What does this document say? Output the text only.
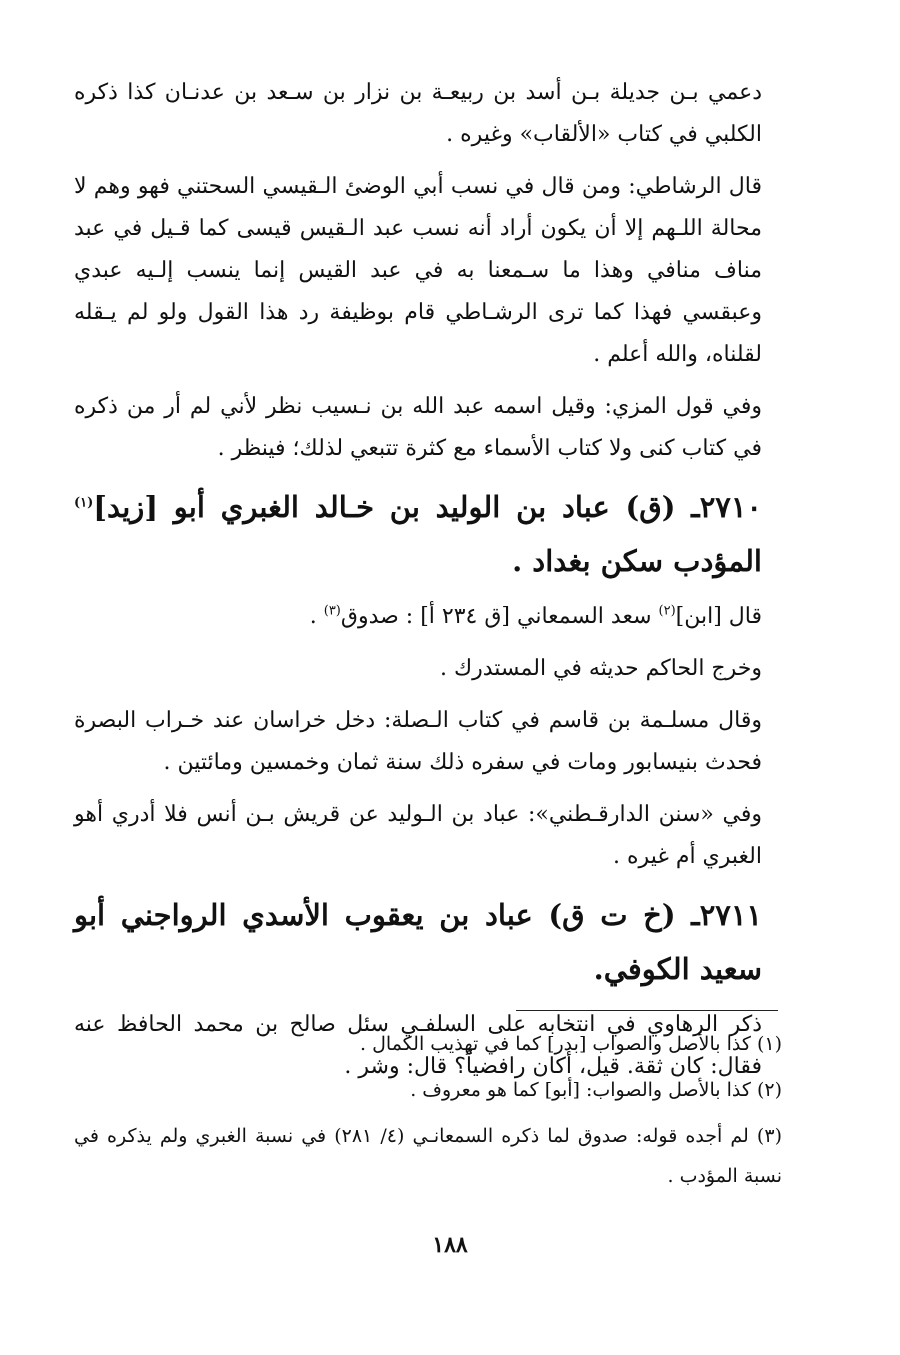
دعمي بـن جديلة بـن أسد بن ربيعـة بن نزار بن سـعد بن عدنـان كذا ذكره الكلبي في كتاب «الألقاب» وغيره .

قال الرشاطي: ومن قال في نسب أبي الوضئ الـقيسي السحتني فهو وهم لا محالة اللـهم إلا أن يكون أراد أنه نسب عبد الـقيس قيسى كما قـيل في عبد مناف منافي وهذا ما سـمعنا به في عبد القيس إنما ينسب إلـيه عبدي وعبقسي فهذا كما ترى الرشـاطي قام بوظيفة رد هذا القول ولو لم يـقله لقلناه، والله أعلم .

وفي قول المزي: وقيل اسمه عبد الله بن نـسيب نظر لأني لم أر من ذكره في كتاب كنى ولا كتاب الأسماء مع كثرة تتبعي لذلك؛ فينظر .

٢٧١٠ـ (ق) عباد بن الوليد بن خـالد الغبري أبو [زيد]$^{(١)}$ المؤدب سكن بغداد .

قال [ابن]$^{(٢)}$ سعد السمعاني [ق ٢٣٤ أ] : صدوق$^{(٣)}$ .

وخرج الحاكم حديثه في المستدرك .

وقال مسلـمة بن قاسم في كتاب الـصلة: دخل خراسان عند خـراب البصرة فحدث بنيسابور ومات في سفره ذلك سنة ثمان وخمسين ومائتين .

وفي «سنن الدارقـطني»: عباد بن الـوليد عن قريش بـن أنس فلا أدري أهو الغبري أم غيره .

٢٧١١ـ (خ ت ق) عباد بن يعقوب الأسدي الرواجني أبو سعيد الكوفي.

ذكر الرهاوي في انتخابه على السلفـي سئل صالح بن محمد الحافظ عنه فقال: كان ثقة. قيل، أكان رافضياً؟ قال: وشر .

(١) كذا بالأصل والصواب [بدر] كما في تهذيب الكمال .

(٢) كذا بالأصل والصواب: [أبو] كما هو معروف .

(٣) لم أجده قوله: صدوق لما ذكره السمعانـي (٤/ ٢٨١) في نسبة الغبري ولم يذكره في نسبة المؤدب .

١٨٨
